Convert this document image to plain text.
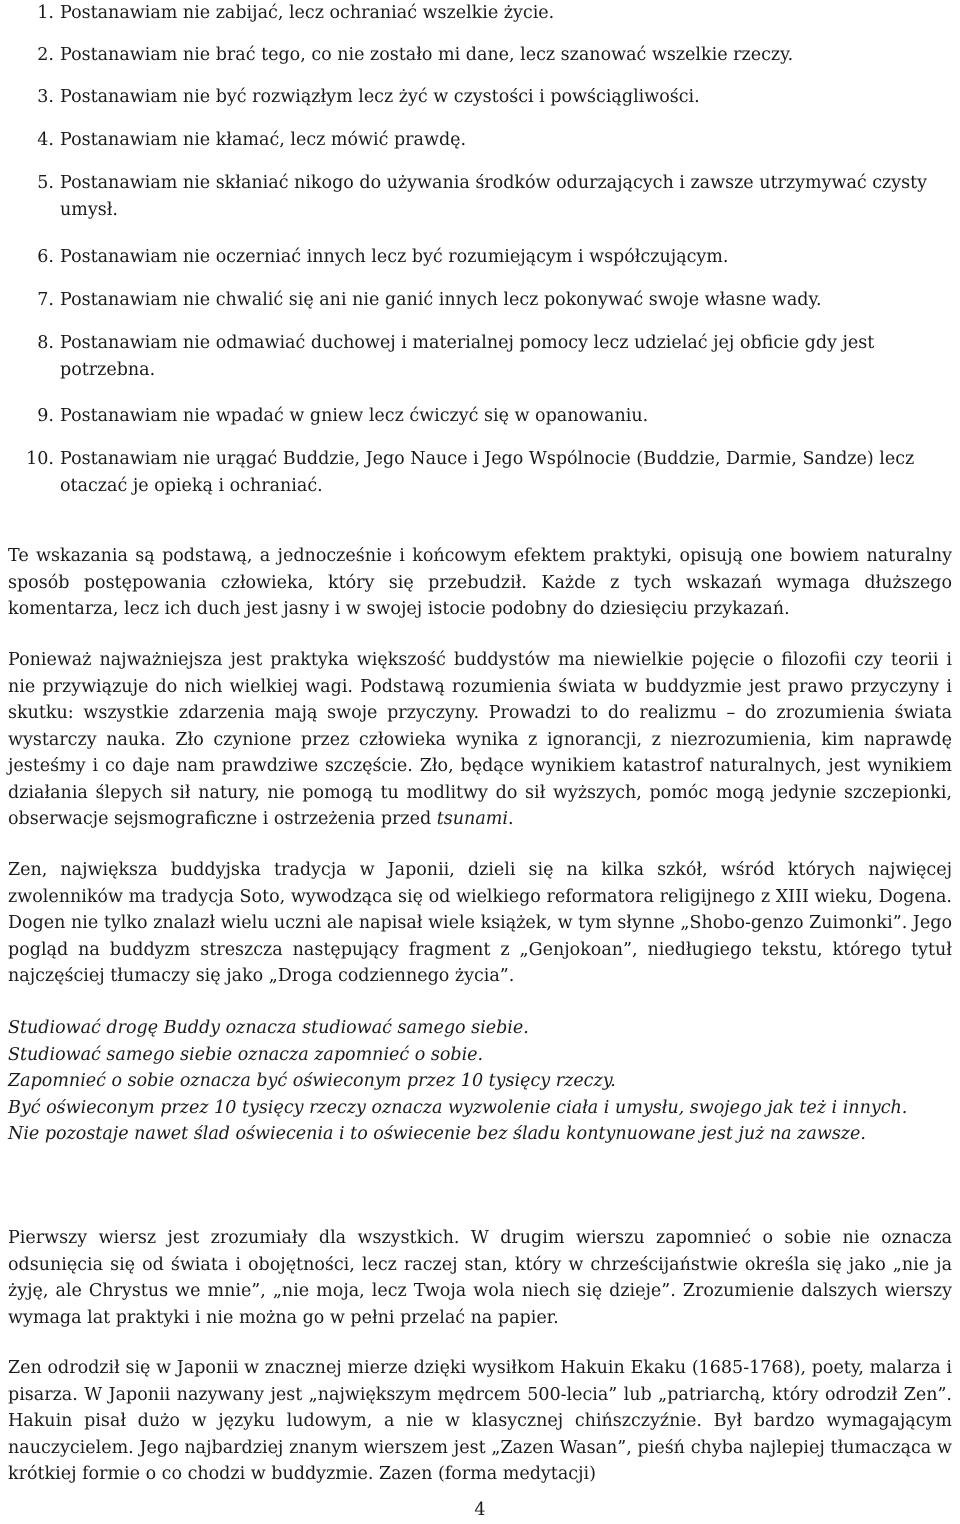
1. Postanawiam nie zabijać, lecz ochraniać wszelkie życie.
2. Postanawiam nie brać tego, co nie zostało mi dane, lecz szanować wszelkie rzeczy.
3. Postanawiam nie być rozwiązłym lecz żyć w czystości i powściągliwości.
4. Postanawiam nie kłamać, lecz mówić prawdę.
5. Postanawiam nie skłaniać nikogo do używania środków odurzających i zawsze utrzymywać czysty umysł.
6. Postanawiam nie oczerniać innych lecz być rozumiejącym i współczującym.
7. Postanawiam nie chwalić się ani nie ganić innych lecz pokonywać swoje własne wady.
8. Postanawiam nie odmawiać duchowej i materialnej pomocy lecz udzielać jej obficie gdy jest potrzebna.
9. Postanawiam nie wpadać w gniew lecz ćwiczyć się w opanowaniu.
10. Postanawiam nie urągać Buddzie, Jego Nauce i Jego Wspólnocie (Buddzie, Darmie, Sandze) lecz otaczać je opieką i ochraniać.

Te wskazania są podstawą, a jednocześnie i końcowym efektem praktyki, opisują one bowiem naturalny sposób postępowania człowieka, który się przebudził. Każde z tych wskazań wymaga dłuższego komentarza, lecz ich duch jest jasny i w swojej istocie podobny do dziesięciu przykazań.

Ponieważ najważniejsza jest praktyka większość buddystów ma niewielkie pojęcie o filozofii czy teorii i nie przywiązuje do nich wielkiej wagi. Podstawą rozumienia świata w buddyzmie jest prawo przyczyny i skutku: wszystkie zdarzenia mają swoje przyczyny. Prowadzi to do realizmu – do zrozumienia świata wystarczy nauka. Zło czynione przez człowieka wynika z ignorancji, z niezrozumienia, kim naprawdę jesteśmy i co daje nam prawdziwe szczęście. Zło, będące wynikiem katastrof naturalnych, jest wynikiem działania ślepych sił natury, nie pomogą tu modlitwy do sił wyższych, pomóc mogą jedynie szczepionki, obserwacje sejsmograficzne i ostrzeżenia przed tsunami.

Zen, największa buddyjska tradycja w Japonii, dzieli się na kilka szkół, wśród których najwięcej zwolenników ma tradycja Soto, wywodząca się od wielkiego reformatora religijnego z XIII wieku, Dogena. Dogen nie tylko znalazł wielu uczni ale napisał wiele książek, w tym słynne „Shobo-genzo Zuimonki”. Jego pogląd na buddyzm streszcza następujący fragment z „Genjokoan”, niedługiego tekstu, którego tytuł najczęściej tłumaczy się jako „Droga codziennego życia”.

Studiować drogę Buddy oznacza studiować samego siebie.
Studiować samego siebie oznacza zapomnieć o sobie.
Zapomnieć o sobie oznacza być oświeconym przez 10 tysięcy rzeczy.
Być oświeconym przez 10 tysięcy rzeczy oznacza wyzwolenie ciała i umysłu, swojego jak też i innych.
Nie pozostaje nawet ślad oświecenia i to oświecenie bez śladu kontynuowane jest już na zawsze.

Pierwszy wiersz jest zrozumiały dla wszystkich. W drugim wierszu zapomnieć o sobie nie oznacza odsunięcia się od świata i obojętności, lecz raczej stan, który w chrześcijaństwie określa się jako „nie ja żyję, ale Chrystus we mnie”, „nie moja, lecz Twoja wola niech się dzieje”. Zrozumienie dalszych wierszy wymaga lat praktyki i nie można go w pełni przelać na papier.

Zen odrodził się w Japonii w znacznej mierze dzięki wysiłkom Hakuin Ekaku (1685-1768), poety, malarza i pisarza. W Japonii nazywany jest „największym mędrcem 500-lecia” lub „patriarchą, który odrodził Zen”. Hakuin pisał dużo w języku ludowym, a nie w klasycznej chińszczyźnie. Był bardzo wymagającym nauczycielem. Jego najbardziej znanym wierszem jest „Zazen Wasan”, pieśń chyba najlepiej tłumacząca w krótkiej formie o co chodzi w buddyzmie. Zazen (forma medytacji)

4
